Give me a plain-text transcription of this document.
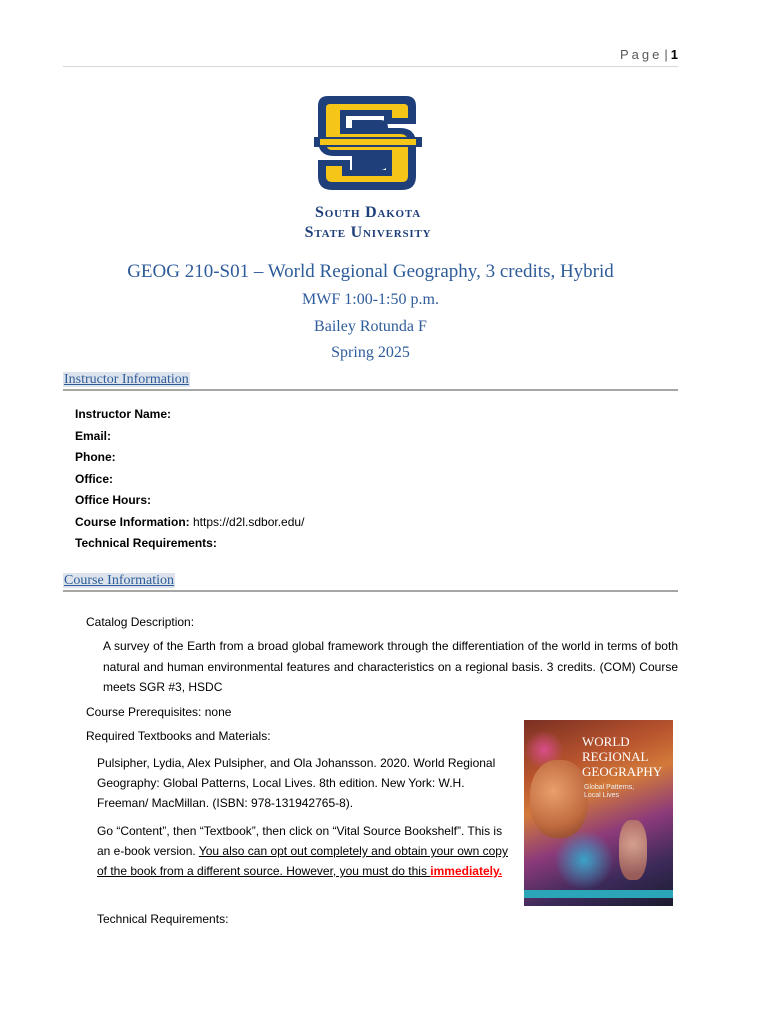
Page | 1
South Dakota
State University
GEOG 210-S01 – World Regional Geography, 3 credits, Hybrid
MWF 1:00-1:50 p.m.
Bailey Rotunda F
Spring 2025
Instructor Information
Instructor Name:
Email:
Phone:
Office:
Office Hours:
Course Information: https://d2l.sdbor.edu/
Technical Requirements:
Course Information
Catalog Description:
A survey of the Earth from a broad global framework through the differentiation of the world in terms of both natural and human environmental features and characteristics on a regional basis. 3 credits. (COM) Course meets SGR #3, HSDC
Course Prerequisites: none
Required Textbooks and Materials:
Pulsipher, Lydia, Alex Pulsipher, and Ola Johansson. 2020. World Regional Geography: Global Patterns, Local Lives. 8th edition. New York: W.H. Freeman/ MacMillan. (ISBN: 978-131942765-8).
Go “Content”, then “Textbook”, then click on “Vital Source Bookshelf”. This is an e-book version. You also can opt out completely and obtain your own copy of the book from a different source. However, you must do this immediately.
Technical Requirements:
WORLD
REGIONAL
GEOGRAPHY
Global Patterns,
Local Lives
